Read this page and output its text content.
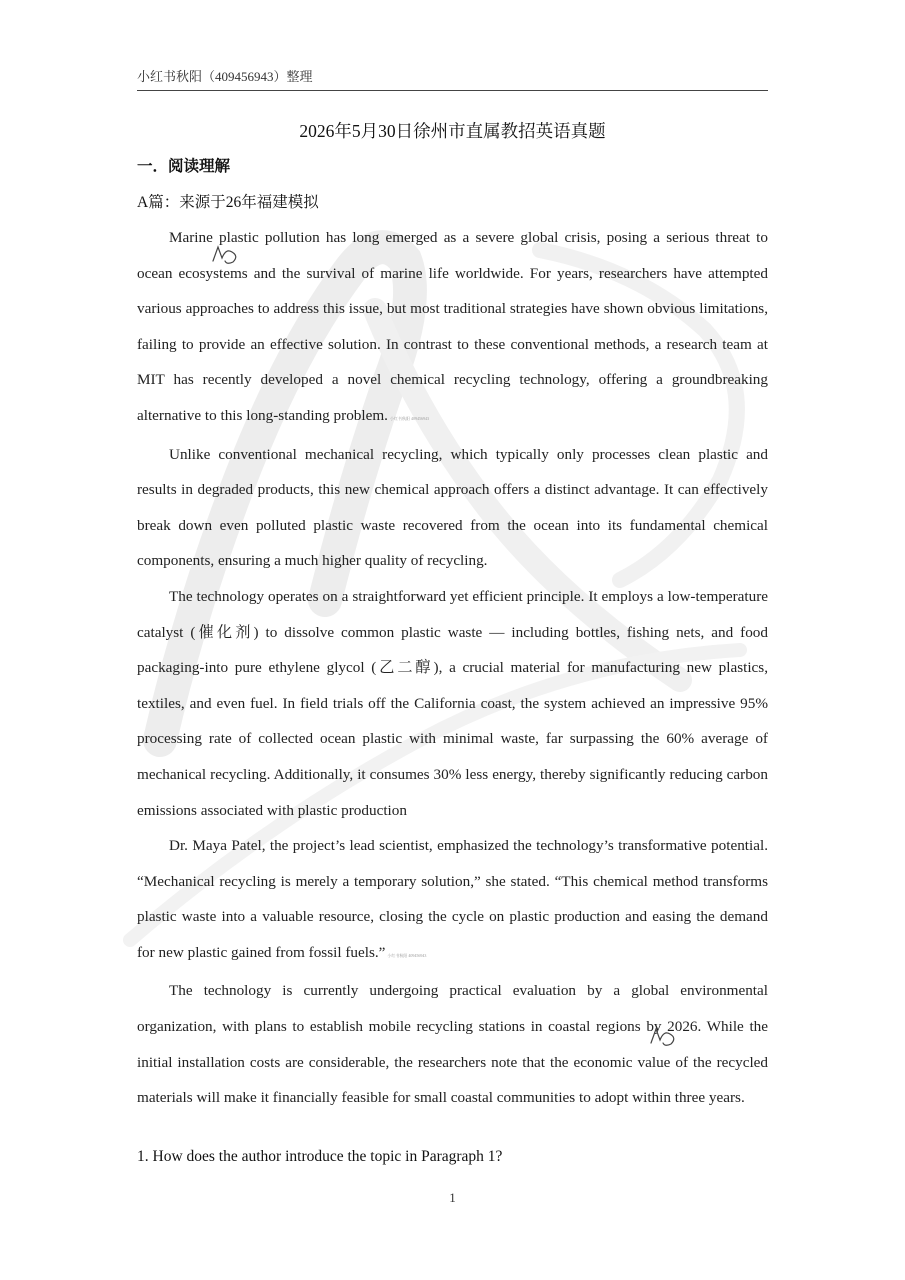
小红书秋阳（409456943）整理
2026年5月30日徐州市直属教招英语真题
一．阅读理解
A篇：来源于26年福建模拟

Marine plastic pollution has long emerged as a severe global crisis, posing a serious threat to ocean ecosystems and the survival of marine life worldwide. For years, researchers have attempted various approaches to address this issue, but most traditional strategies have shown obvious limitations, failing to provide an effective solution. In contrast to these conventional methods, a research team at MIT has recently developed a novel chemical recycling technology, offering a groundbreaking alternative to this long-standing problem. 小红书秋阳 409456943

Unlike conventional mechanical recycling, which typically only processes clean plastic and results in degraded products, this new chemical approach offers a distinct advantage. It can effectively break down even polluted plastic waste recovered from the ocean into its fundamental chemical components, ensuring a much higher quality of recycling.

The technology operates on a straightforward yet efficient principle. It employs a low-temperature catalyst (催化剂) to dissolve common plastic waste — including bottles, fishing nets, and food packaging-into pure ethylene glycol (乙二醇), a crucial material for manufacturing new plastics, textiles, and even fuel. In field trials off the California coast, the system achieved an impressive 95% processing rate of collected ocean plastic with minimal waste, far surpassing the 60% average of mechanical recycling. Additionally, it consumes 30% less energy, thereby significantly reducing carbon emissions associated with plastic production

Dr. Maya Patel, the project’s lead scientist, emphasized the technology’s transformative potential. “Mechanical recycling is merely a temporary solution,” she stated. “This chemical method transforms plastic waste into a valuable resource, closing the cycle on plastic production and easing the demand for new plastic gained from fossil fuels.” 小红书秋阳 409456943

The technology is currently undergoing practical evaluation by a global environmental organization, with plans to establish mobile recycling stations in coastal regions by 2026. While the initial installation costs are considerable, the researchers note that the economic value of the recycled materials will make it financially feasible for small coastal communities to adopt within three years.

1. How does the author introduce the topic in Paragraph 1?
1
